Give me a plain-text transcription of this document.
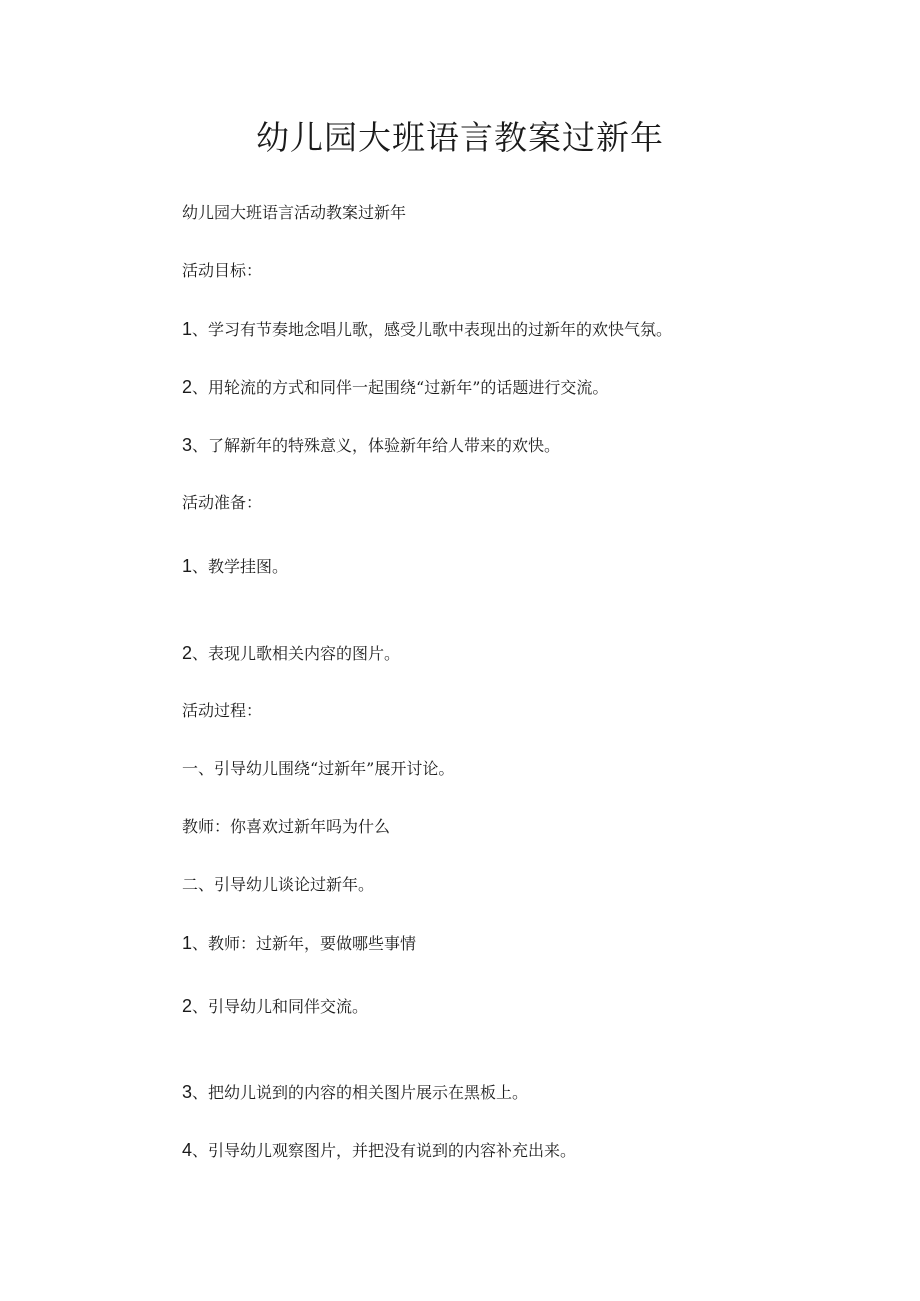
幼儿园大班语言教案过新年
幼儿园大班语言活动教案过新年
活动目标：
1、学习有节奏地念唱儿歌，感受儿歌中表现出的过新年的欢快气氛。
2、用轮流的方式和同伴一起围绕“过新年”的话题进行交流。
3、了解新年的特殊意义，体验新年给人带来的欢快。
活动准备：
1、教学挂图。
2、表现儿歌相关内容的图片。
活动过程：
一、引导幼儿围绕“过新年”展开讨论。
教师：你喜欢过新年吗为什么
二、引导幼儿谈论过新年。
1、教师：过新年，要做哪些事情
2、引导幼儿和同伴交流。
3、把幼儿说到的内容的相关图片展示在黑板上。
4、引导幼儿观察图片，并把没有说到的内容补充出来。
